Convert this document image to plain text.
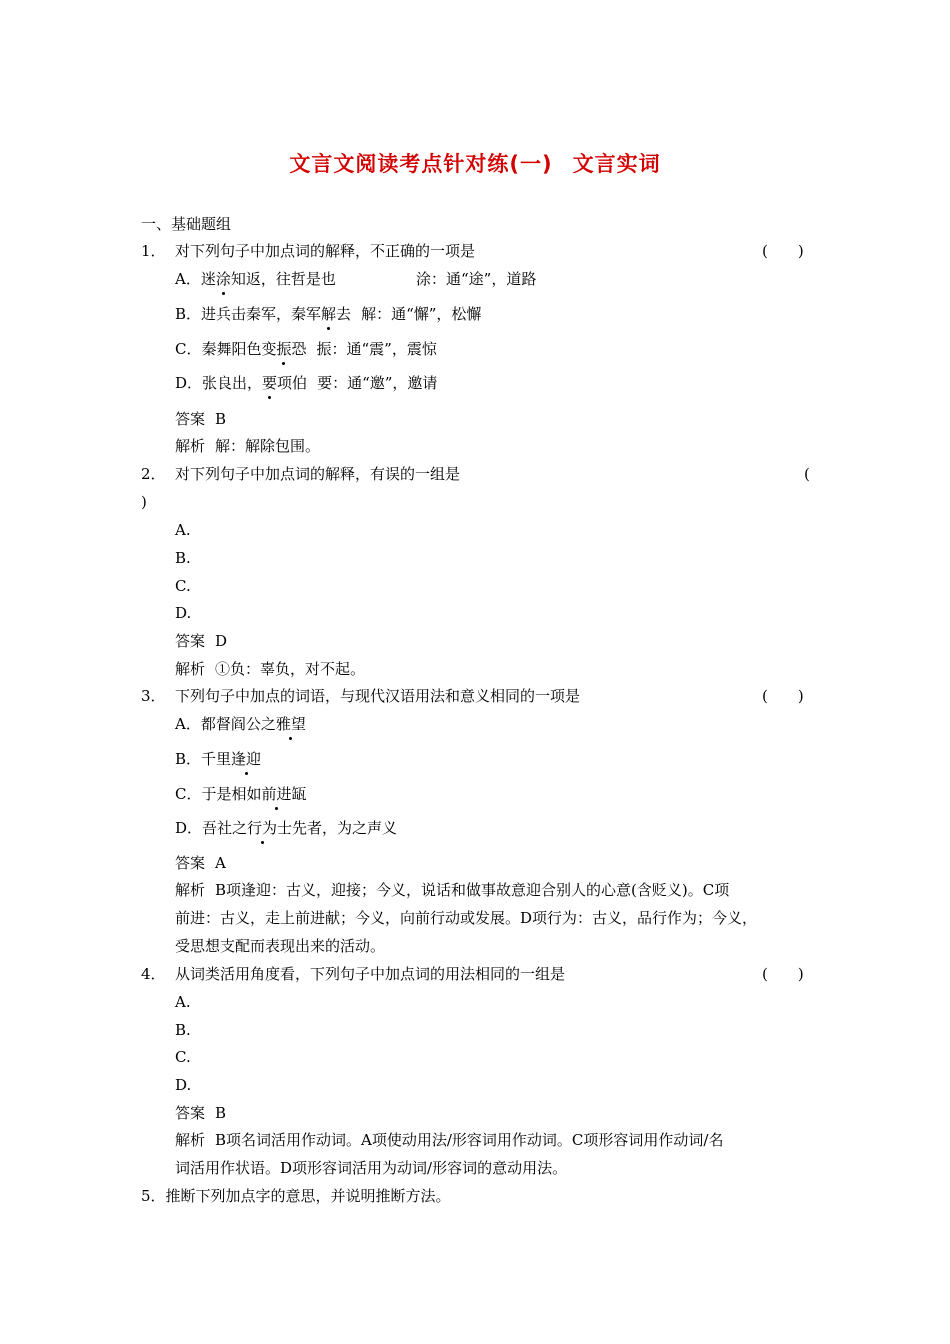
文言文阅读考点针对练(一) 文言实词
一、基础题组
1． 对下列句子中加点词的解释，不正确的一项是	(　　)
A．迷涂知返，往哲是也	涂：通“途”，道路
B．进兵击秦军，秦军解去 解：通“懈”，松懈
C．秦舞阳色变振恐 振：通“震”，震惊
D．张良出，要项伯 要：通“邀”，邀请
答案 B
解析 解：解除包围。
2． 对下列句子中加点词的解释，有误的一组是	(
)
A.
B.
C.
D.
答案 D
解析 ①负：辜负，对不起。
3． 下列句子中加点的词语，与现代汉语用法和意义相同的一项是	(　　)
A．都督阎公之雅望
B．千里逢迎
C．于是相如前进缻
D．吾社之行为士先者，为之声义
答案 A
解析 B项逢迎：古义，迎接；今义，说话和做事故意迎合别人的心意(含贬义)。C项
前进：古义，走上前进献；今义，向前行动或发展。D项行为：古义，品行作为；今义，
受思想支配而表现出来的活动。
4． 从词类活用角度看，下列句子中加点词的用法相同的一组是	(　　)
A.
B.
C.
D.
答案 B
解析 B项名词活用作动词。A项使动用法/形容词用作动词。C项形容词用作动词/名
词活用作状语。D项形容词活用为动词/形容词的意动用法。
5．推断下列加点字的意思，并说明推断方法。
